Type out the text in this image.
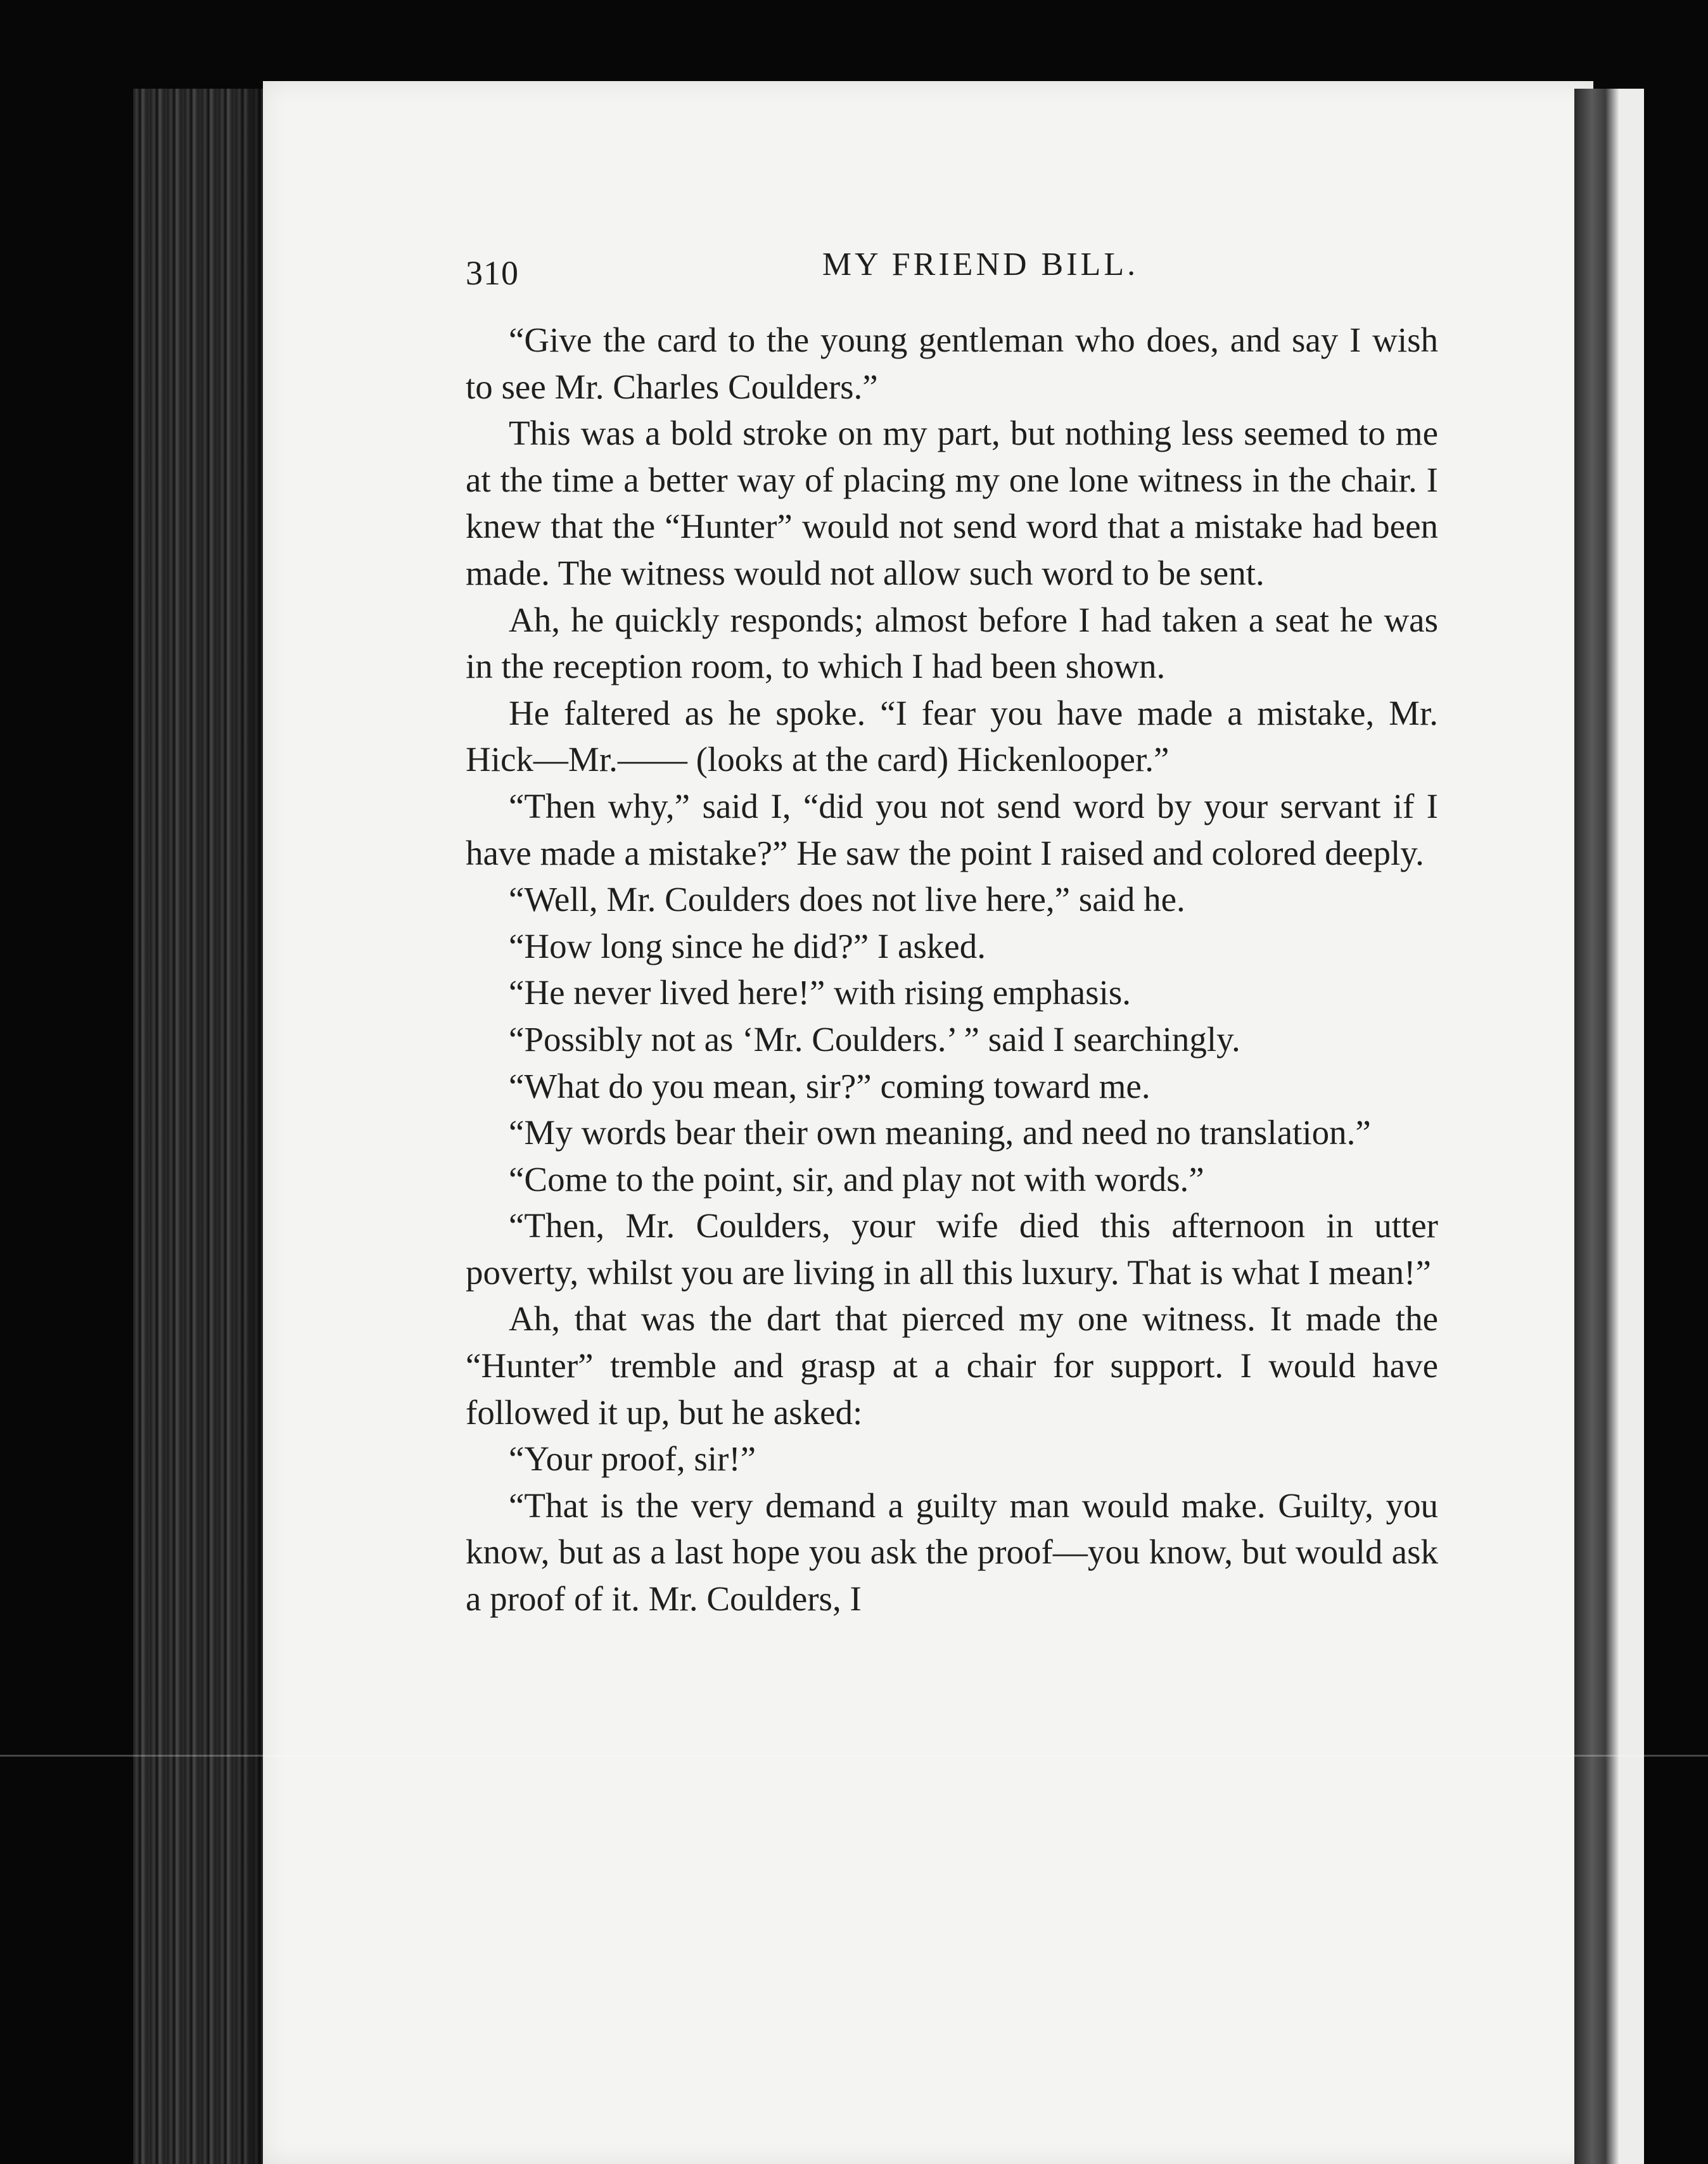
310	MY FRIEND BILL.

“Give the card to the young gentleman who does, and say I wish to see Mr. Charles Coulders.”

This was a bold stroke on my part, but nothing less seemed to me at the time a better way of placing my one lone witness in the chair. I knew that the “Hunter” would not send word that a mistake had been made. The witness would not allow such word to be sent.

Ah, he quickly responds; almost before I had taken a seat he was in the reception room, to which I had been shown.

He faltered as he spoke. “I fear you have made a mistake, Mr. Hick—Mr.—— (looks at the card) Hickenlooper.”

“Then why,” said I, “did you not send word by your servant if I have made a mistake?” He saw the point I raised and colored deeply.

“Well, Mr. Coulders does not live here,” said he.

“How long since he did?” I asked.

“He never lived here!” with rising emphasis.

“Possibly not as ‘Mr. Coulders.’ ” said I searchingly.

“What do you mean, sir?” coming toward me.

“My words bear their own meaning, and need no translation.”

“Come to the point, sir, and play not with words.”

“Then, Mr. Coulders, your wife died this afternoon in utter poverty, whilst you are living in all this luxury. That is what I mean!”

Ah, that was the dart that pierced my one witness. It made the “Hunter” tremble and grasp at a chair for support. I would have followed it up, but he asked:

“Your proof, sir!”

“That is the very demand a guilty man would make. Guilty, you know, but as a last hope you ask the proof—you know, but would ask a proof of it. Mr. Coulders, I
